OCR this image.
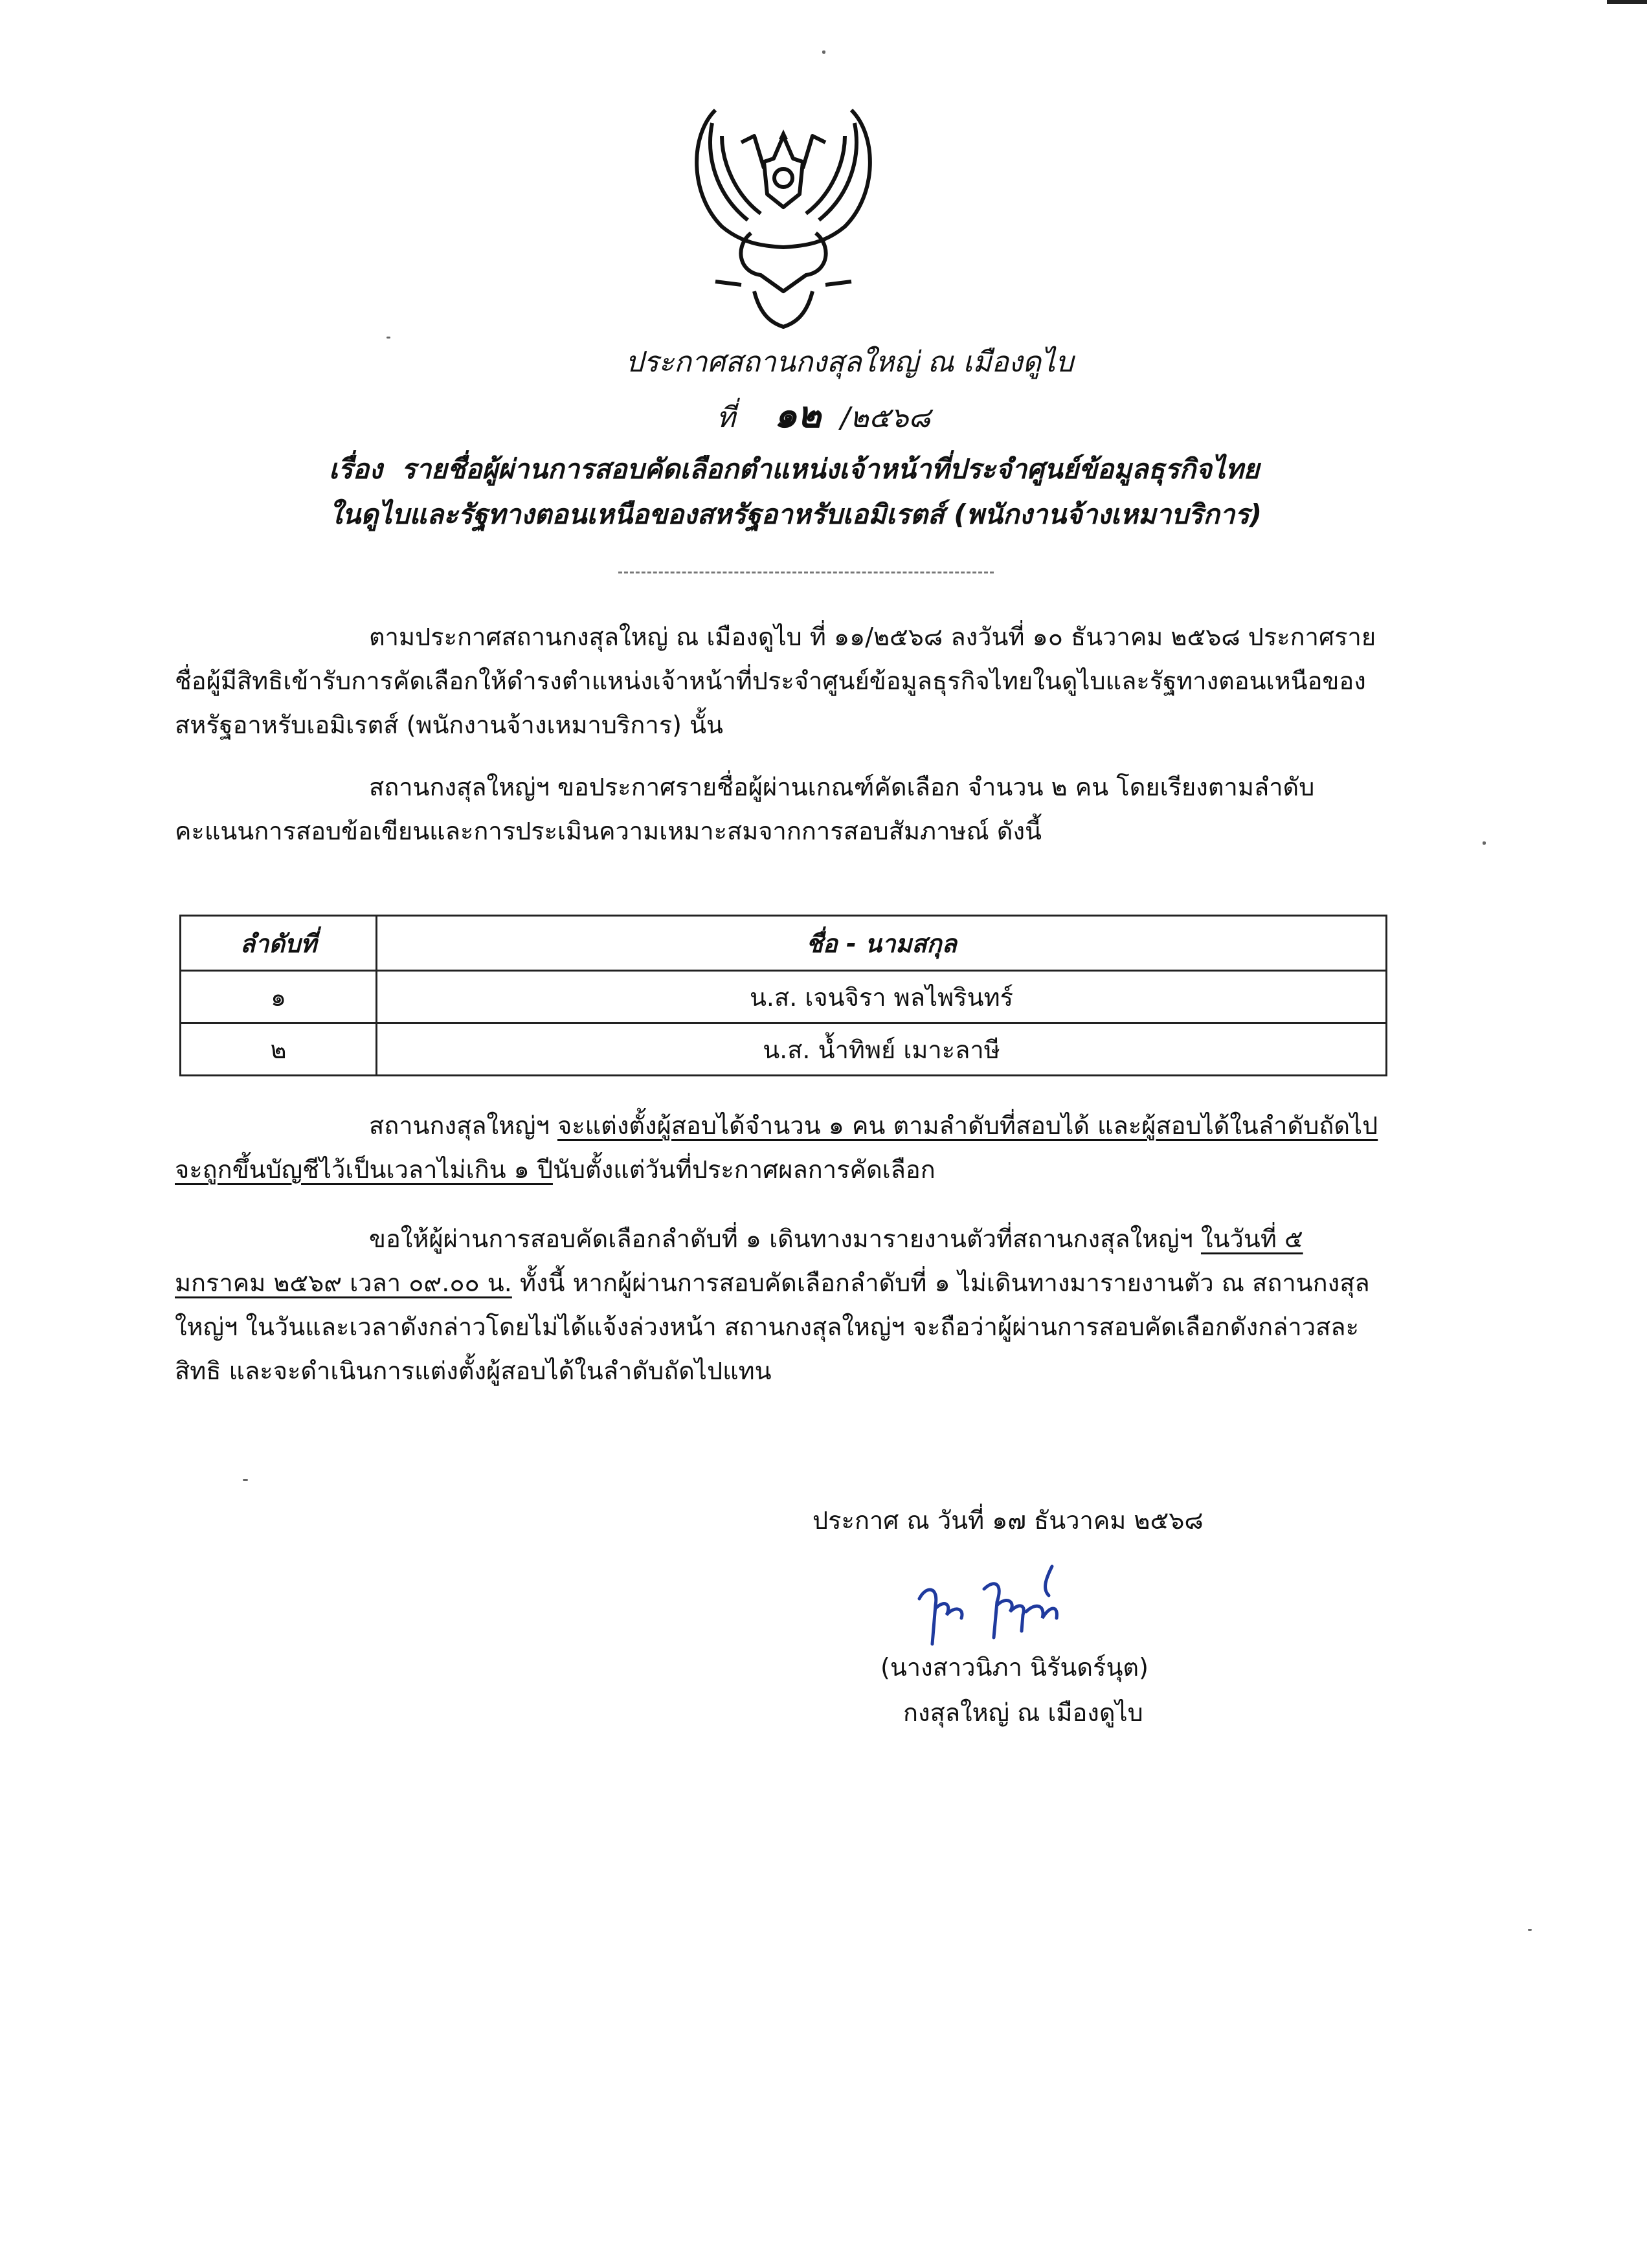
ประกาศสถานกงสุลใหญ่ ณ เมืองดูไบ
ที่ ๑๒ /๒๕๖๘
เรื่อง รายชื่อผู้ผ่านการสอบคัดเลือกตำแหน่งเจ้าหน้าที่ประจำศูนย์ข้อมูลธุรกิจไทย
ในดูไบและรัฐทางตอนเหนือของสหรัฐอาหรับเอมิเรตส์ (พนักงานจ้างเหมาบริการ)
ตามประกาศสถานกงสุลใหญ่ ณ เมืองดูไบ ที่ ๑๑/๒๕๖๘ ลงวันที่ ๑๐ ธันวาคม ๒๕๖๘ ประกาศรายชื่อผู้มีสิทธิเข้ารับการคัดเลือกให้ดำรงตำแหน่งเจ้าหน้าที่ประจำศูนย์ข้อมูลธุรกิจไทยในดูไบและรัฐทางตอนเหนือของสหรัฐอาหรับเอมิเรตส์ (พนักงานจ้างเหมาบริการ) นั้น
สถานกงสุลใหญ่ฯ ขอประกาศรายชื่อผู้ผ่านเกณฑ์คัดเลือก จำนวน ๒ คน โดยเรียงตามลำดับคะแนนการสอบข้อเขียนและการประเมินความเหมาะสมจากการสอบสัมภาษณ์ ดังนี้
ลำดับที่	ชื่อ - นามสกุล
๑	น.ส. เจนจิรา พลไพรินทร์
๒	น.ส. น้ำทิพย์ เมาะลาษี
สถานกงสุลใหญ่ฯ จะแต่งตั้งผู้สอบได้จำนวน ๑ คน ตามลำดับที่สอบได้ และผู้สอบได้ในลำดับถัดไปจะถูกขึ้นบัญชีไว้เป็นเวลาไม่เกิน ๑ ปีนับตั้งแต่วันที่ประกาศผลการคัดเลือก
ขอให้ผู้ผ่านการสอบคัดเลือกลำดับที่ ๑ เดินทางมารายงานตัวที่สถานกงสุลใหญ่ฯ ในวันที่ ๕ มกราคม ๒๕๖๙ เวลา ๐๙.๐๐ น. ทั้งนี้ หากผู้ผ่านการสอบคัดเลือกลำดับที่ ๑ ไม่เดินทางมารายงานตัว ณ สถานกงสุลใหญ่ฯ ในวันและเวลาดังกล่าวโดยไม่ได้แจ้งล่วงหน้า สถานกงสุลใหญ่ฯ จะถือว่าผู้ผ่านการสอบคัดเลือกดังกล่าวสละสิทธิ และจะดำเนินการแต่งตั้งผู้สอบได้ในลำดับถัดไปแทน
ประกาศ ณ วันที่ ๑๗ ธันวาคม ๒๕๖๘
(นางสาวนิภา นิรันดร์นุต)
กงสุลใหญ่ ณ เมืองดูไบ
